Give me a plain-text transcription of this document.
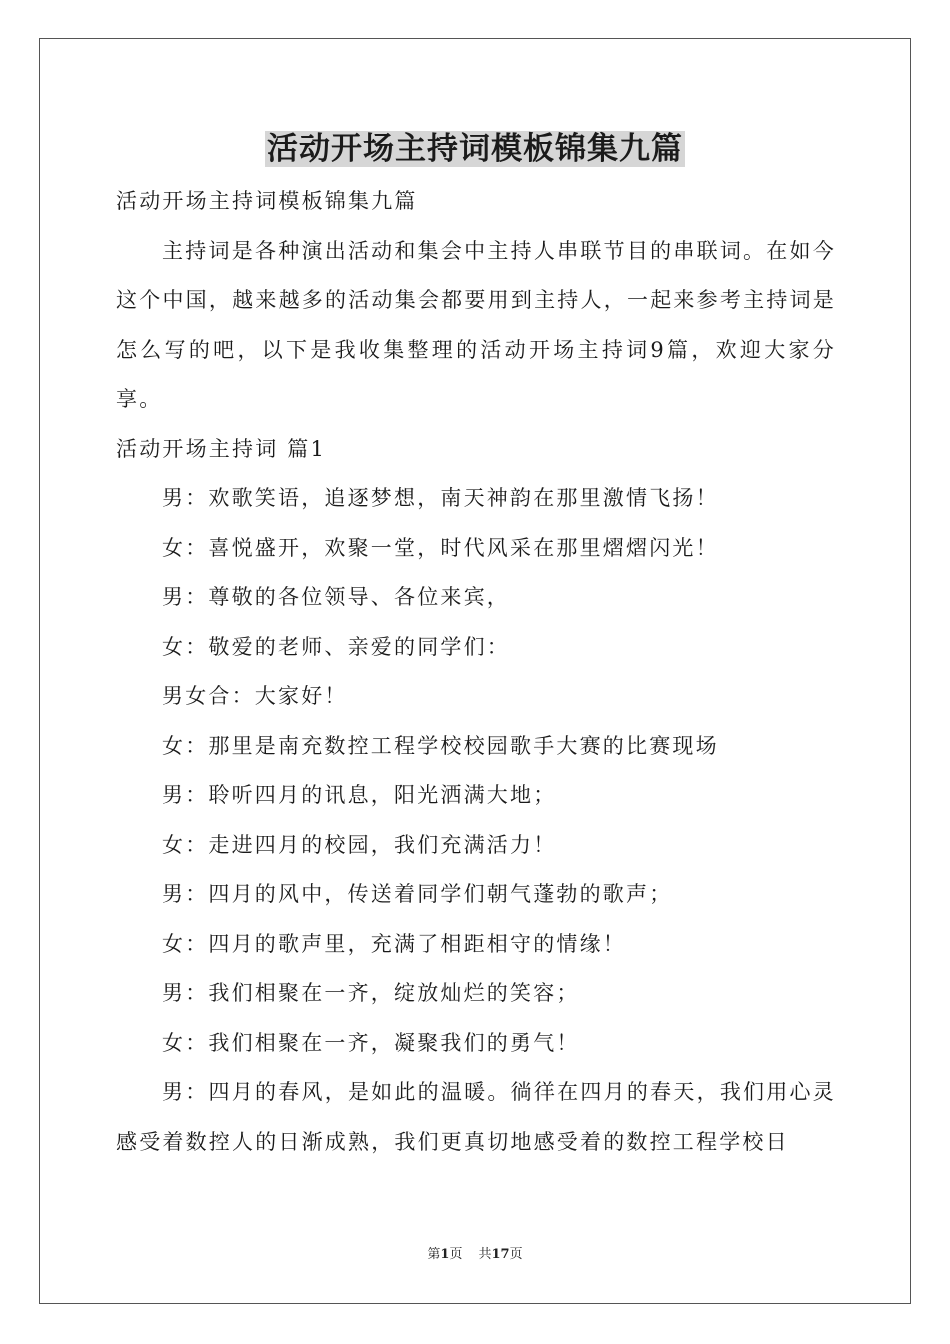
活动开场主持词模板锦集九篇

活动开场主持词模板锦集九篇

主持词是各种演出活动和集会中主持人串联节目的串联词。在如今这个中国，越来越多的活动集会都要用到主持人，一起来参考主持词是怎么写的吧，以下是我收集整理的活动开场主持词9篇，欢迎大家分享。

活动开场主持词 篇1

男：欢歌笑语，追逐梦想，南天神韵在那里激情飞扬！

女：喜悦盛开，欢聚一堂，时代风采在那里熠熠闪光！

男：尊敬的各位领导、各位来宾，

女：敬爱的老师、亲爱的同学们：

男女合：大家好！

女：那里是南充数控工程学校校园歌手大赛的比赛现场

男：聆听四月的讯息，阳光洒满大地；

女：走进四月的校园，我们充满活力！

男：四月的风中，传送着同学们朝气蓬勃的歌声；

女：四月的歌声里，充满了相距相守的情缘！

男：我们相聚在一齐，绽放灿烂的笑容；

女：我们相聚在一齐，凝聚我们的勇气！

男：四月的春风，是如此的温暖。徜徉在四月的春天，我们用心灵感受着数控人的日渐成熟，我们更真切地感受着的数控工程学校日

第1页 共17页
